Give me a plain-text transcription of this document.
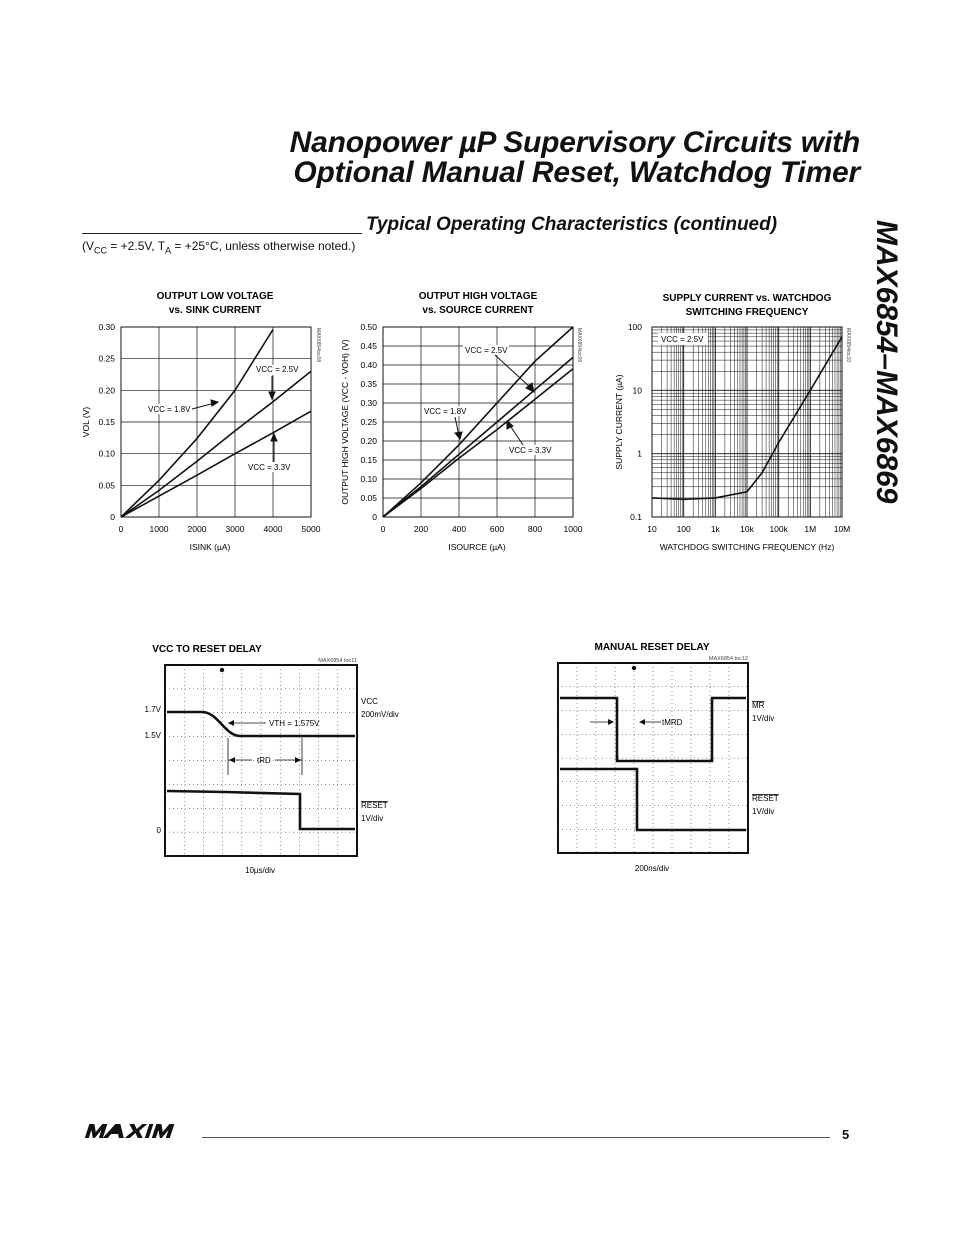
Nanopower µP Supervisory Circuits with
Optional Manual Reset, Watchdog Timer
MAX6854–MAX6869
Typical Operating Characteristics (continued)
($V_{CC} = +2.5V$, $T_A = +25^\circ C$, unless otherwise noted.)
OUTPUT LOW VOLTAGE
vs. SINK CURRENT
0
0.05
0.10
0.15
0.20
0.25
0.30
0	1000 2000 3000 4000 5000
ISINK (µA)
VOL (V)
MAX6854toc08
VCC = 2.5V
VCC = 1.8V
VCC = 3.3V
OUTPUT HIGH VOLTAGE
vs. SOURCE CURRENT
0
0.05
0.10
0.15
0.20
0.25
0.30
0.35
0.40
0.45
0.50
0	200	400	600	800	1000
ISOURCE (µA)
OUTPUT HIGH VOLTAGE (VCC - VOH) (V)	MAX6854toc09
VCC = 2.5V
VCC = 1.8V
VCC = 3.3V
SUPPLY CURRENT vs. WATCHDOG
SWITCHING FREQUENCY
0.1
1
10
100
10 100 1k 10k 100k 1M 10M
WATCHDOG SWITCHING FREQUENCY (Hz)
SUPPLY CURRENT (µA)
MAX6854toc10
VCC = 2.5V
VCC TO RESET DELAY
MAX6854 toc11
tRD
VTH = 1.575V
1.7V
1.5V
0
VCC
200mV/div
RESET
1V/div
10µs/div
MANUAL RESET DELAY
MAX6854 toc12
tMRD
MR
1V/div
RESET
1V/div
200ns/div
5
